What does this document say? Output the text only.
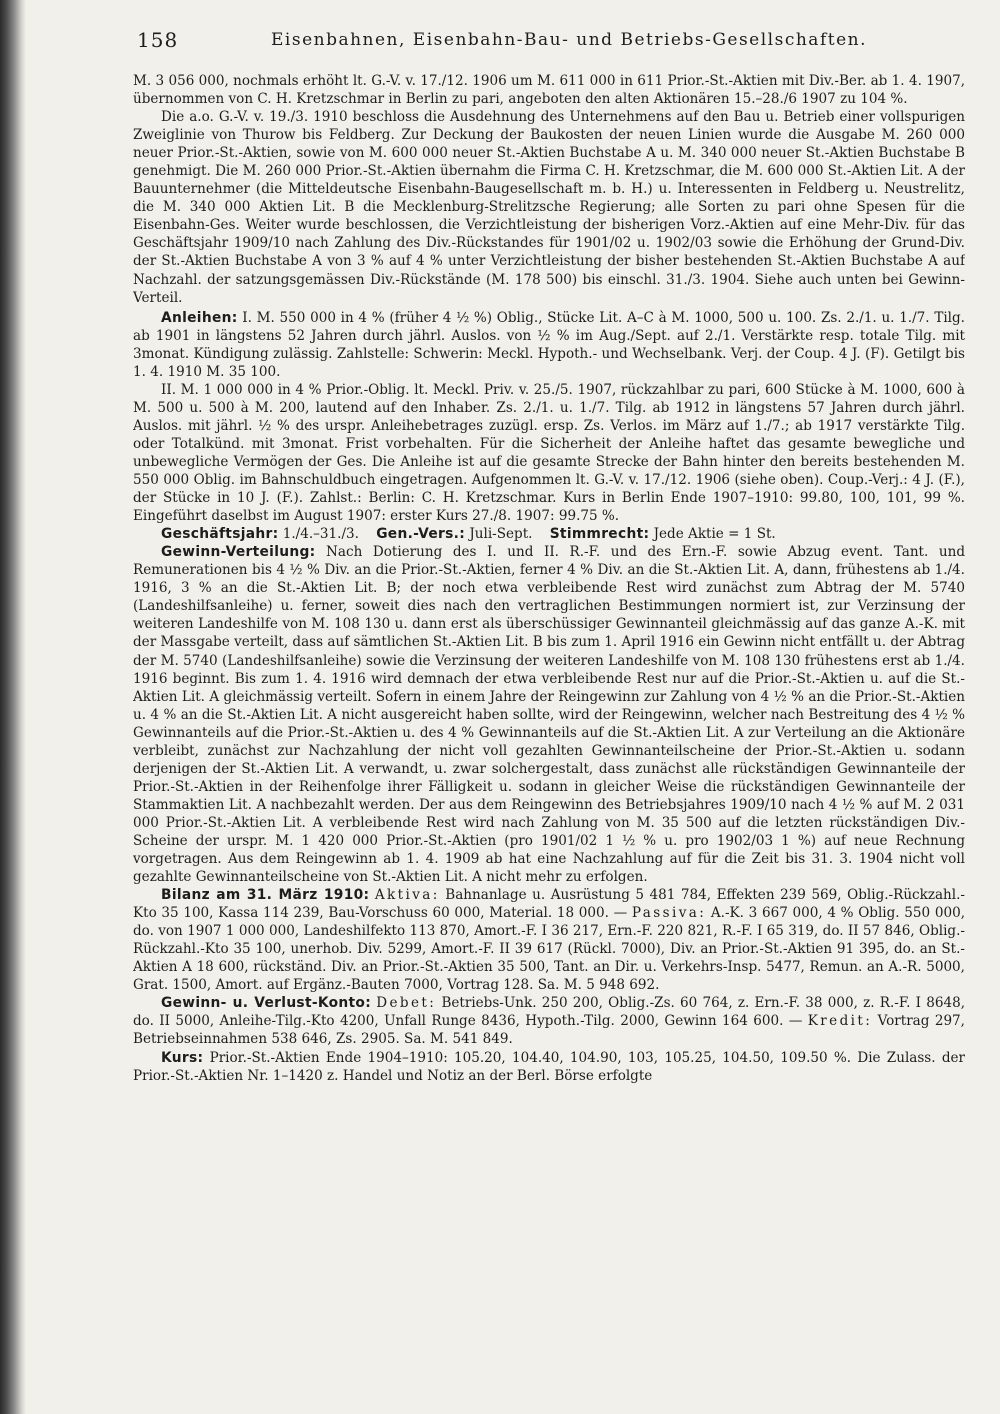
158	Eisenbahnen, Eisenbahn-Bau- und Betriebs-Gesellschaften.

M. 3 056 000, nochmals erhöht lt. G.-V. v. 17./12. 1906 um M. 611 000 in 611 Prior.-St.-Aktien mit Div.-Ber. ab 1. 4. 1907, übernommen von C. H. Kretzschmar in Berlin zu pari, angeboten den alten Aktionären 15.–28./6 1907 zu 104 %.

Die a.o. G.-V. v. 19./3. 1910 beschloss die Ausdehnung des Unternehmens auf den Bau u. Betrieb einer vollspurigen Zweiglinie von Thurow bis Feldberg. Zur Deckung der Baukosten der neuen Linien wurde die Ausgabe M. 260 000 neuer Prior.-St.-Aktien, sowie von M. 600 000 neuer St.-Aktien Buchstabe A u. M. 340 000 neuer St.-Aktien Buchstabe B genehmigt. Die M. 260 000 Prior.-St.-Aktien übernahm die Firma C. H. Kretzschmar, die M. 600 000 St.-Aktien Lit. A der Bauunternehmer (die Mitteldeutsche Eisenbahn-Baugesellschaft m. b. H.) u. Interessenten in Feldberg u. Neustrelitz, die M. 340 000 Aktien Lit. B die Mecklenburg-Strelitzsche Regierung; alle Sorten zu pari ohne Spesen für die Eisenbahn-Ges. Weiter wurde beschlossen, die Verzichtleistung der bisherigen Vorz.-Aktien auf eine Mehr-Div. für das Geschäftsjahr 1909/10 nach Zahlung des Div.-Rückstandes für 1901/02 u. 1902/03 sowie die Erhöhung der Grund-Div. der St.-Aktien Buchstabe A von 3 % auf 4 % unter Verzichtleistung der bisher bestehenden St.-Aktien Buchstabe A auf Nachzahl. der satzungsgemässen Div.-Rückstände (M. 178 500) bis einschl. 31./3. 1904. Siehe auch unten bei Gewinn-Verteil.

Anleihen: I. M. 550 000 in 4 % (früher 4 ½ %) Oblig., Stücke Lit. A–C à M. 1000, 500 u. 100. Zs. 2./1. u. 1./7. Tilg. ab 1901 in längstens 52 Jahren durch jährl. Auslos. von ½ % im Aug./Sept. auf 2./1. Verstärkte resp. totale Tilg. mit 3monat. Kündigung zulässig. Zahlstelle: Schwerin: Meckl. Hypoth.- und Wechselbank. Verj. der Coup. 4 J. (F). Getilgt bis 1. 4. 1910 M. 35 100.

II. M. 1 000 000 in 4 % Prior.-Oblig. lt. Meckl. Priv. v. 25./5. 1907, rückzahlbar zu pari, 600 Stücke à M. 1000, 600 à M. 500 u. 500 à M. 200, lautend auf den Inhaber. Zs. 2./1. u. 1./7. Tilg. ab 1912 in längstens 57 Jahren durch jährl. Auslos. mit jährl. ½ % des urspr. Anleihebetrages zuzügl. ersp. Zs. Verlos. im März auf 1./7.; ab 1917 verstärkte Tilg. oder Totalkünd. mit 3monat. Frist vorbehalten. Für die Sicherheit der Anleihe haftet das gesamte bewegliche und unbewegliche Vermögen der Ges. Die Anleihe ist auf die gesamte Strecke der Bahn hinter den bereits bestehenden M. 550 000 Oblig. im Bahnschuldbuch eingetragen. Aufgenommen lt. G.-V. v. 17./12. 1906 (siehe oben). Coup.-Verj.: 4 J. (F.), der Stücke in 10 J. (F.). Zahlst.: Berlin: C. H. Kretzschmar. Kurs in Berlin Ende 1907–1910: 99.80, 100, 101, 99 %. Eingeführt daselbst im August 1907: erster Kurs 27./8. 1907: 99.75 %.

Geschäftsjahr: 1./4.–31./3. Gen.-Vers.: Juli-Sept. Stimmrecht: Jede Aktie = 1 St.

Gewinn-Verteilung: Nach Dotierung des I. und II. R.-F. und des Ern.-F. sowie Abzug event. Tant. und Remunerationen bis 4 ½ % Div. an die Prior.-St.-Aktien, ferner 4 % Div. an die St.-Aktien Lit. A, dann, frühestens ab 1./4. 1916, 3 % an die St.-Aktien Lit. B; der noch etwa verbleibende Rest wird zunächst zum Abtrag der M. 5740 (Landeshilfsanleihe) u. ferner, soweit dies nach den vertraglichen Bestimmungen normiert ist, zur Verzinsung der weiteren Landeshilfe von M. 108 130 u. dann erst als überschüssiger Gewinnanteil gleichmässig auf das ganze A.-K. mit der Massgabe verteilt, dass auf sämtlichen St.-Aktien Lit. B bis zum 1. April 1916 ein Gewinn nicht entfällt u. der Abtrag der M. 5740 (Landeshilfsanleihe) sowie die Verzinsung der weiteren Landeshilfe von M. 108 130 frühestens erst ab 1./4. 1916 beginnt. Bis zum 1. 4. 1916 wird demnach der etwa verbleibende Rest nur auf die Prior.-St.-Aktien u. auf die St.-Aktien Lit. A gleichmässig verteilt. Sofern in einem Jahre der Reingewinn zur Zahlung von 4 ½ % an die Prior.-St.-Aktien u. 4 % an die St.-Aktien Lit. A nicht ausgereicht haben sollte, wird der Reingewinn, welcher nach Bestreitung des 4 ½ % Gewinnanteils auf die Prior.-St.-Aktien u. des 4 % Gewinnanteils auf die St.-Aktien Lit. A zur Verteilung an die Aktionäre verbleibt, zunächst zur Nachzahlung der nicht voll gezahlten Gewinnanteilscheine der Prior.-St.-Aktien u. sodann derjenigen der St.-Aktien Lit. A verwandt, u. zwar solchergestalt, dass zunächst alle rückständigen Gewinnanteile der Prior.-St.-Aktien in der Reihenfolge ihrer Fälligkeit u. sodann in gleicher Weise die rückständigen Gewinnanteile der Stammaktien Lit. A nachbezahlt werden. Der aus dem Reingewinn des Betriebsjahres 1909/10 nach 4 ½ % auf M. 2 031 000 Prior.-St.-Aktien Lit. A verbleibende Rest wird nach Zahlung von M. 35 500 auf die letzten rückständigen Div.-Scheine der urspr. M. 1 420 000 Prior.-St.-Aktien (pro 1901/02 1 ½ % u. pro 1902/03 1 %) auf neue Rechnung vorgetragen. Aus dem Reingewinn ab 1. 4. 1909 ab hat eine Nachzahlung auf für die Zeit bis 31. 3. 1904 nicht voll gezahlte Gewinnanteilscheine von St.-Aktien Lit. A nicht mehr zu erfolgen.

Bilanz am 31. März 1910: Aktiva: Bahnanlage u. Ausrüstung 5 481 784, Effekten 239 569, Oblig.-Rückzahl.-Kto 35 100, Kassa 114 239, Bau-Vorschuss 60 000, Material. 18 000. — Passiva: A.-K. 3 667 000, 4 % Oblig. 550 000, do. von 1907 1 000 000, Landeshilfekto 113 870, Amort.-F. I 36 217, Ern.-F. 220 821, R.-F. I 65 319, do. II 57 846, Oblig.-Rückzahl.-Kto 35 100, unerhob. Div. 5299, Amort.-F. II 39 617 (Rückl. 7000), Div. an Prior.-St.-Aktien 91 395, do. an St.-Aktien A 18 600, rückständ. Div. an Prior.-St.-Aktien 35 500, Tant. an Dir. u. Verkehrs-Insp. 5477, Remun. an A.-R. 5000, Grat. 1500, Amort. auf Ergänz.-Bauten 7000, Vortrag 128. Sa. M. 5 948 692.

Gewinn- u. Verlust-Konto: Debet: Betriebs-Unk. 250 200, Oblig.-Zs. 60 764, z. Ern.-F. 38 000, z. R.-F. I 8648, do. II 5000, Anleihe-Tilg.-Kto 4200, Unfall Runge 8436, Hypoth.-Tilg. 2000, Gewinn 164 600. — Kredit: Vortrag 297, Betriebseinnahmen 538 646, Zs. 2905. Sa. M. 541 849.

Kurs: Prior.-St.-Aktien Ende 1904–1910: 105.20, 104.40, 104.90, 103, 105.25, 104.50, 109.50 %. Die Zulass. der Prior.-St.-Aktien Nr. 1–1420 z. Handel und Notiz an der Berl. Börse erfolgte
